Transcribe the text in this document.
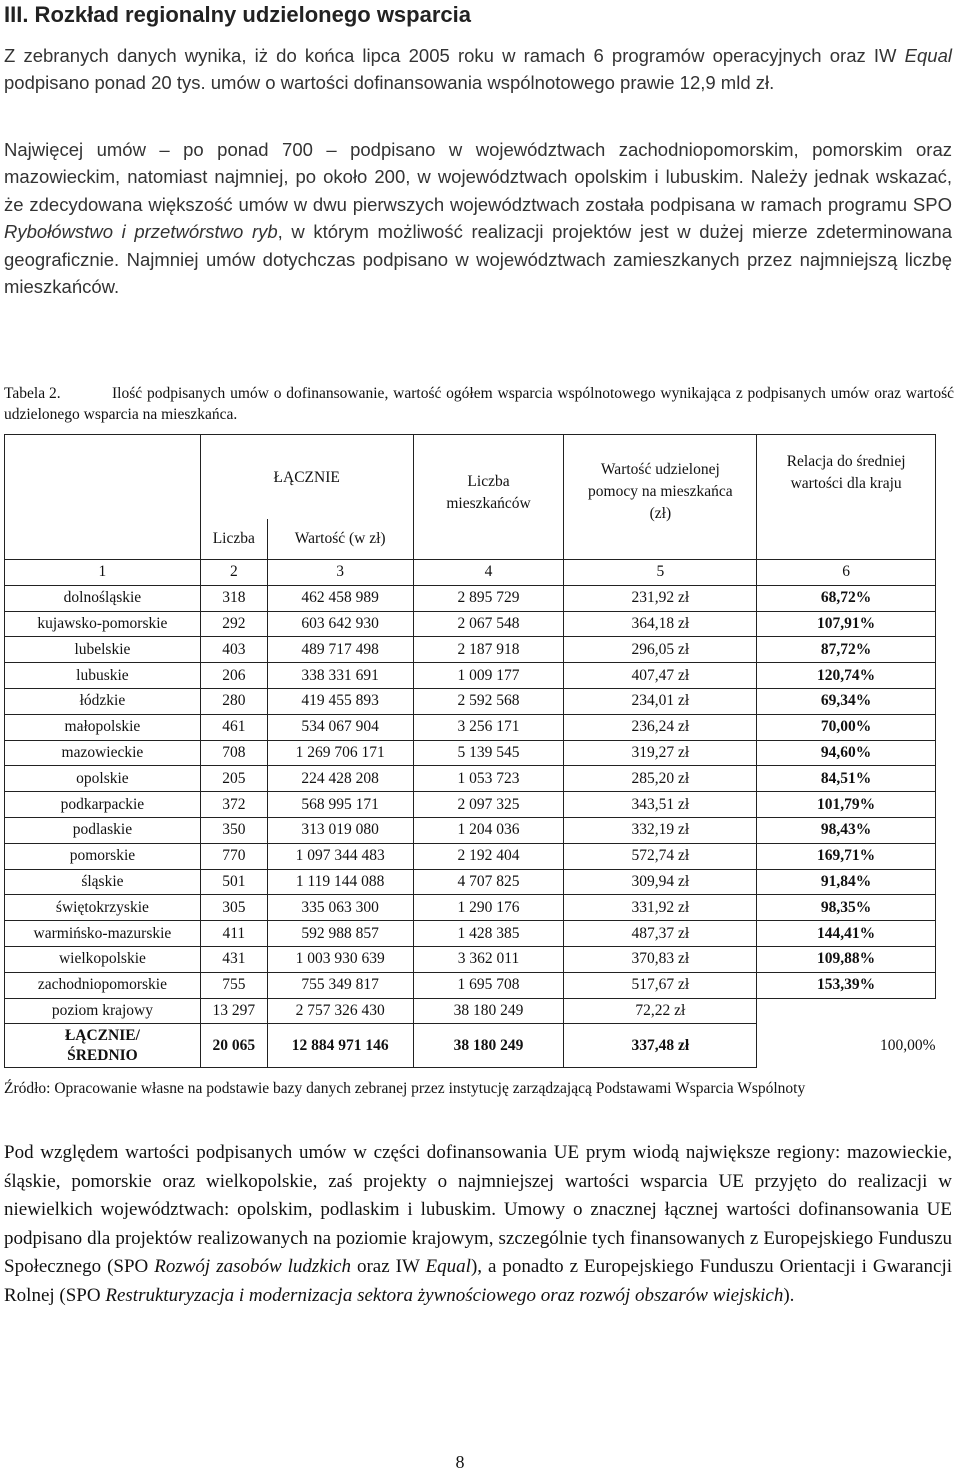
III. Rozkład regionalny udzielonego wsparcia
Z zebranych danych wynika, iż do końca lipca 2005 roku w ramach 6 programów operacyjnych oraz IW Equal podpisano ponad 20 tys. umów o wartości dofinansowania wspólnotowego prawie 12,9 mld zł.
Najwięcej umów – po ponad 700 – podpisano w województwach zachodniopomorskim, pomorskim oraz mazowieckim, natomiast najmniej, po około 200, w województwach opolskim i lubuskim. Należy jednak wskazać, że zdecydowana większość umów w dwu pierwszych województwach została podpisana w ramach programu SPO Rybołówstwo i przetwórstwo ryb, w którym możliwość realizacji projektów jest w dużej mierze zdeterminowana geograficznie. Najmniej umów dotychczas podpisano w województwach zamieszkanych przez najmniejszą liczbę mieszkańców.
Tabela 2.	Ilość podpisanych umów o dofinansowanie, wartość ogółem wsparcia wspólnotowego wynikająca z podpisanych umów oraz wartość udzielonego wsparcia na mieszkańca.
	ŁĄCZNIE		Liczba mieszkańców	Wartość udzielonej pomocy na mieszkańca (zł)	Relacja do średniej wartości dla kraju
	Liczba	Wartość (w zł)			
1	2	3	4	5	6
dolnośląskie	318	462 458 989	2 895 729	231,92 zł	68,72%
kujawsko-pomorskie	292	603 642 930	2 067 548	364,18 zł	107,91%
lubelskie	403	489 717 498	2 187 918	296,05 zł	87,72%
lubuskie	206	338 331 691	1 009 177	407,47 zł	120,74%
łódzkie	280	419 455 893	2 592 568	234,01 zł	69,34%
małopolskie	461	534 067 904	3 256 171	236,24 zł	70,00%
mazowieckie	708	1 269 706 171	5 139 545	319,27 zł	94,60%
opolskie	205	224 428 208	1 053 723	285,20 zł	84,51%
podkarpackie	372	568 995 171	2 097 325	343,51 zł	101,79%
podlaskie	350	313 019 080	1 204 036	332,19 zł	98,43%
pomorskie	770	1 097 344 483	2 192 404	572,74 zł	169,71%
śląskie	501	1 119 144 088	4 707 825	309,94 zł	91,84%
świętokrzyskie	305	335 063 300	1 290 176	331,92 zł	98,35%
warmińsko-mazurskie	411	592 988 857	1 428 385	487,37 zł	144,41%
wielkopolskie	431	1 003 930 639	3 362 011	370,83 zł	109,88%
zachodniopomorskie	755	755 349 817	1 695 708	517,67 zł	153,39%
poziom krajowy	13 297	2 757 326 430	38 180 249	72,22 zł	
ŁĄCZNIE/ ŚREDNIO	20 065	12 884 971 146	38 180 249	337,48 zł	100,00%
Źródło: Opracowanie własne na podstawie bazy danych zebranej przez instytucję zarządzającą Podstawami Wsparcia Wspólnoty
Pod względem wartości podpisanych umów w części dofinansowania UE prym wiodą największe regiony: mazowieckie, śląskie, pomorskie oraz wielkopolskie, zaś projekty o najmniejszej wartości wsparcia UE przyjęto do realizacji w niewielkich województwach: opolskim, podlaskim i lubuskim. Umowy o znacznej łącznej wartości dofinansowania UE podpisano dla projektów realizowanych na poziomie krajowym, szczególnie tych finansowanych z Europejskiego Funduszu Społecznego (SPO Rozwój zasobów ludzkich oraz IW Equal), a ponadto z Europejskiego Funduszu Orientacji i Gwarancji Rolnej (SPO Restrukturyzacja i modernizacja sektora żywnościowego oraz rozwój obszarów wiejskich).
8
